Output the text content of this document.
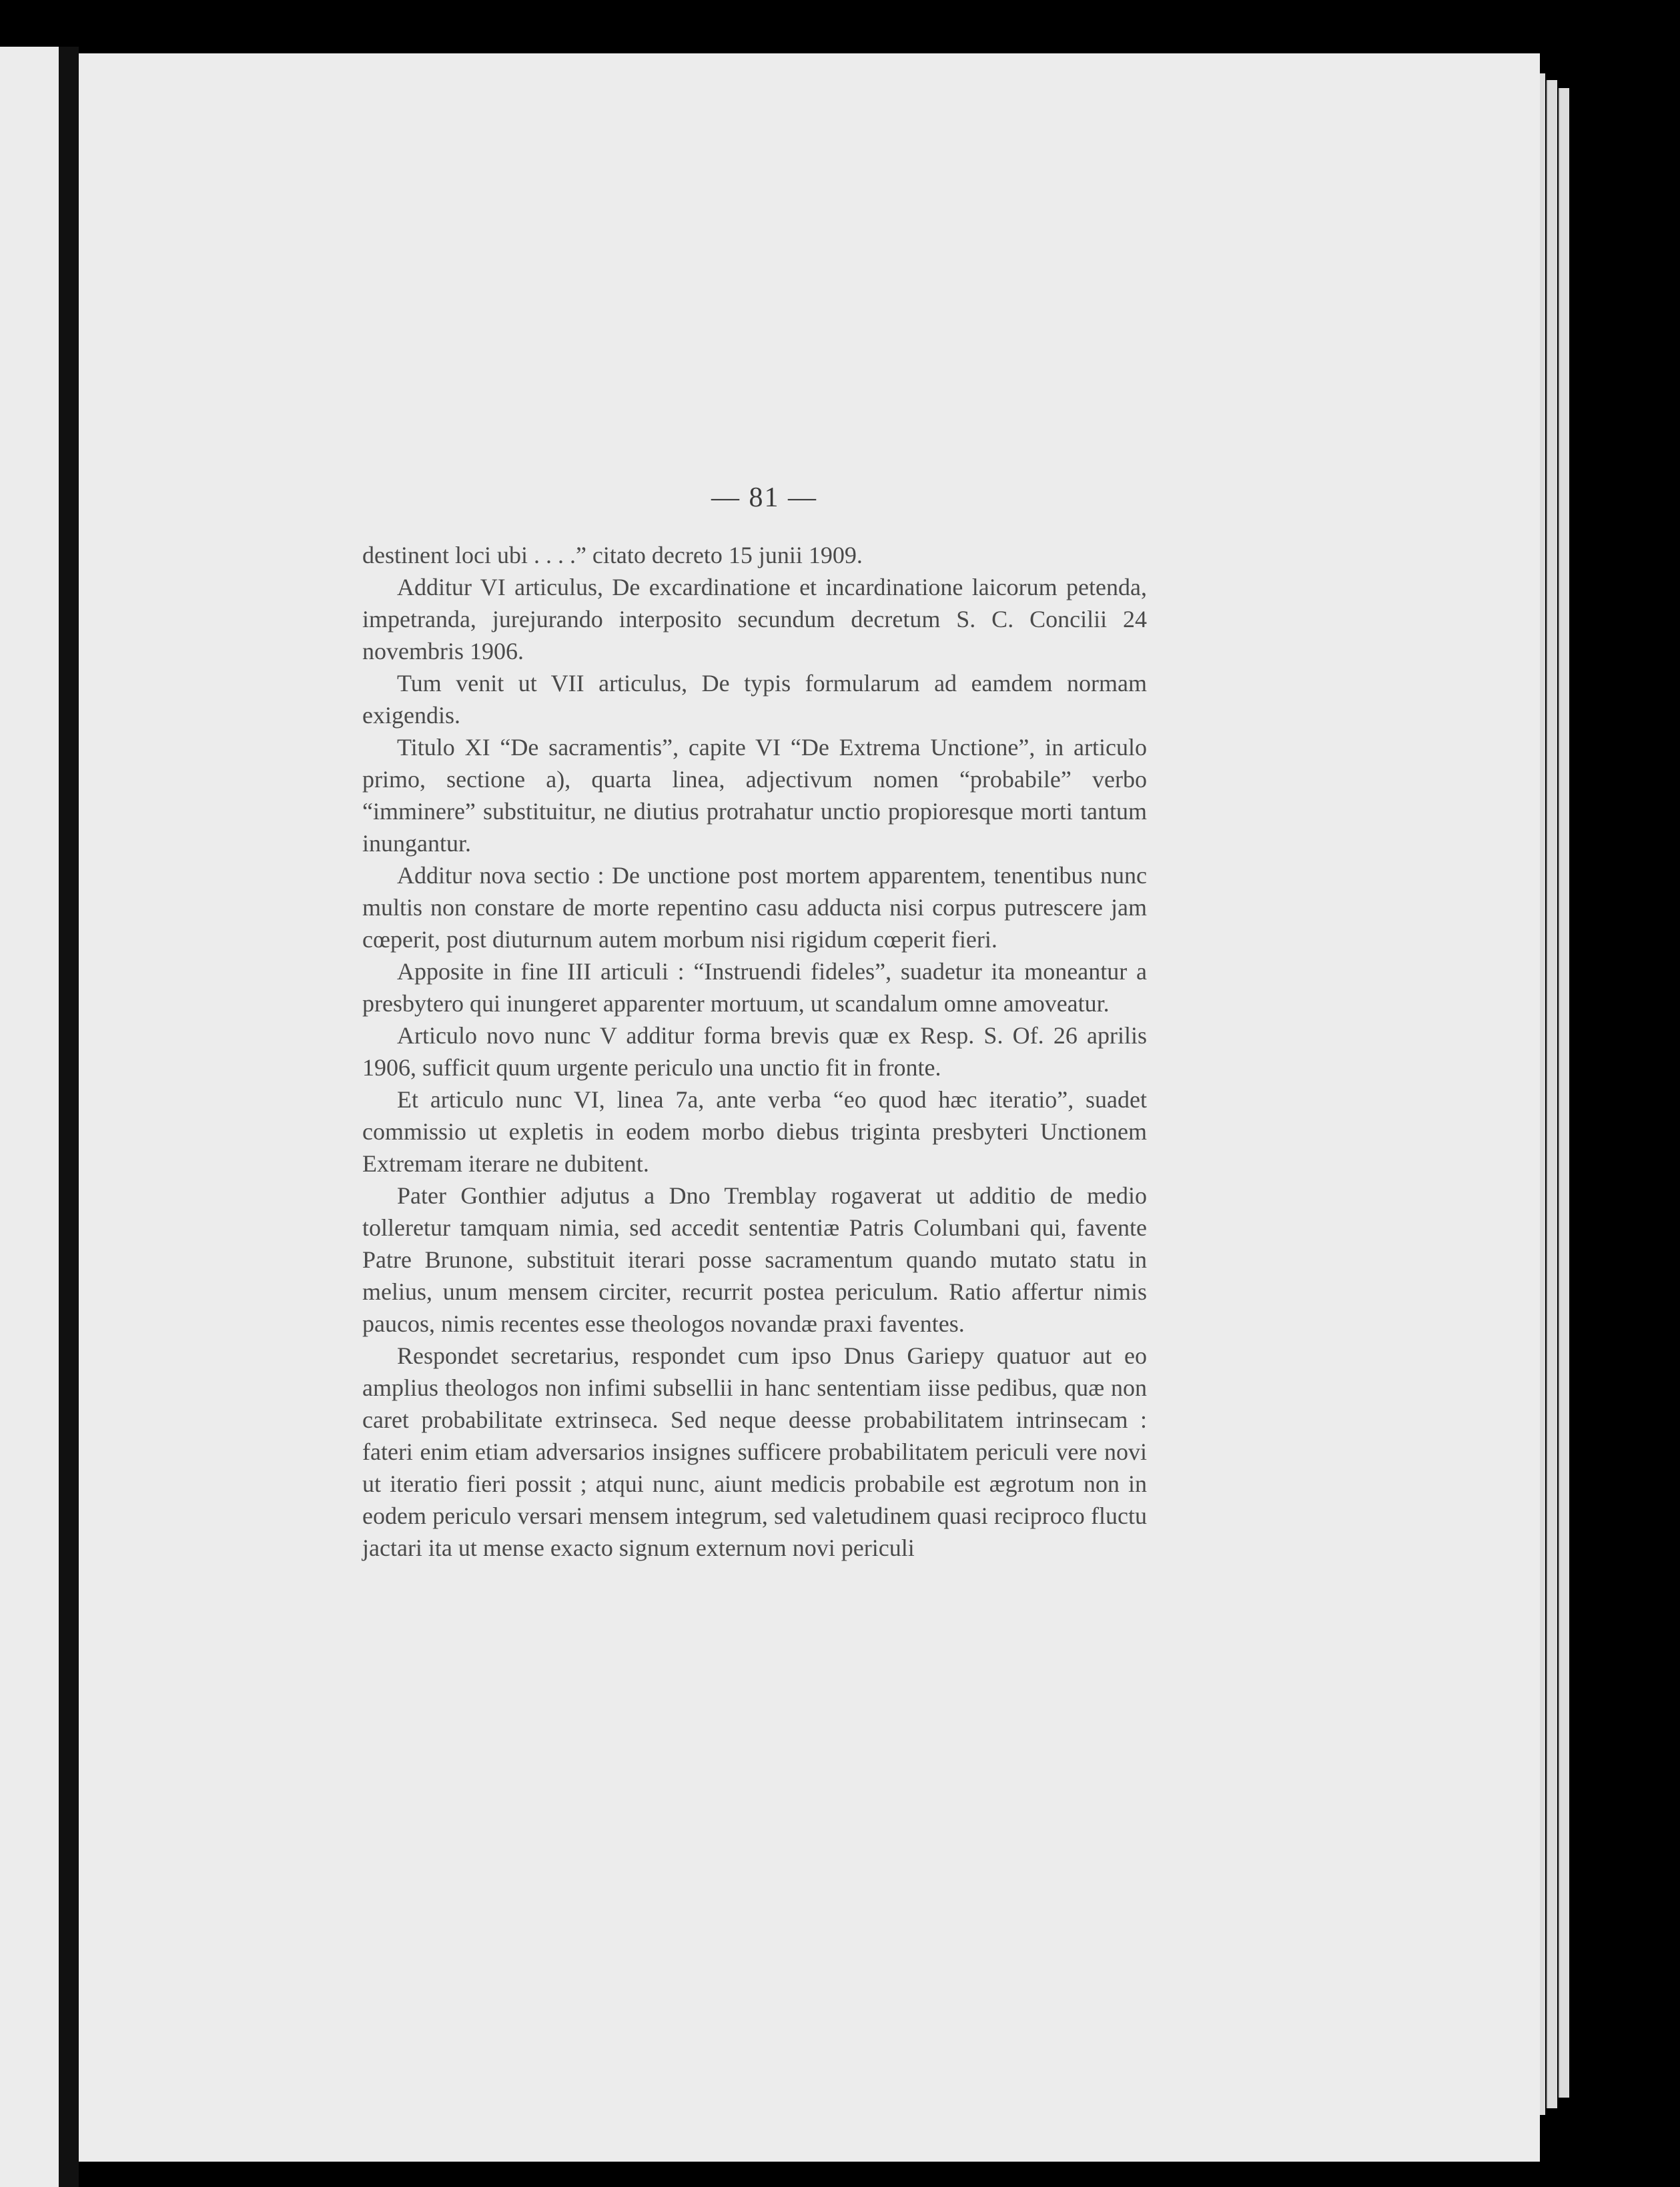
— 81 —

destinent loci ubi . . . .” citato decreto 15 junii 1909.

Additur VI articulus, De excardinatione et incardinatione laicorum petenda, impetranda, jurejurando interposito secundum decretum S. C. Concilii 24 novembris 1906.

Tum venit ut VII articulus, De typis formularum ad eamdem normam exigendis.

Titulo XI “De sacramentis”, capite VI “De Extrema Unctione”, in articulo primo, sectione a), quarta linea, adjectivum nomen “probabile” verbo “imminere” substituitur, ne diutius protrahatur unctio propioresque morti tantum inungantur.

Additur nova sectio : De unctione post mortem apparentem, tenentibus nunc multis non constare de morte repentino casu adducta nisi corpus putrescere jam cœperit, post diuturnum autem morbum nisi rigidum cœperit fieri.

Apposite in fine III articuli : “Instruendi fideles”, suadetur ita moneantur a presbytero qui inungeret apparenter mortuum, ut scandalum omne amoveatur.

Articulo novo nunc V additur forma brevis quæ ex Resp. S. Of. 26 aprilis 1906, sufficit quum urgente periculo una unctio fit in fronte.

Et articulo nunc VI, linea 7a, ante verba “eo quod hæc iteratio”, suadet commissio ut expletis in eodem morbo diebus triginta presbyteri Unctionem Extremam iterare ne dubitent.

Pater Gonthier adjutus a Dno Tremblay rogaverat ut additio de medio tolleretur tamquam nimia, sed accedit sententiæ Patris Columbani qui, favente Patre Brunone, substituit iterari posse sacramentum quando mutato statu in melius, unum mensem circiter, recurrit postea periculum. Ratio affertur nimis paucos, nimis recentes esse theologos novandæ praxi faventes.

Respondet secretarius, respondet cum ipso Dnus Gariepy quatuor aut eo amplius theologos non infimi subsellii in hanc sententiam iisse pedibus, quæ non caret probabilitate extrinseca. Sed neque deesse probabilitatem intrinsecam : fateri enim etiam adversarios insignes sufficere probabilitatem periculi vere novi ut iteratio fieri possit ; atqui nunc, aiunt medicis probabile est ægrotum non in eodem periculo versari mensem integrum, sed valetudinem quasi reciproco fluctu jactari ita ut mense exacto signum externum novi periculi
